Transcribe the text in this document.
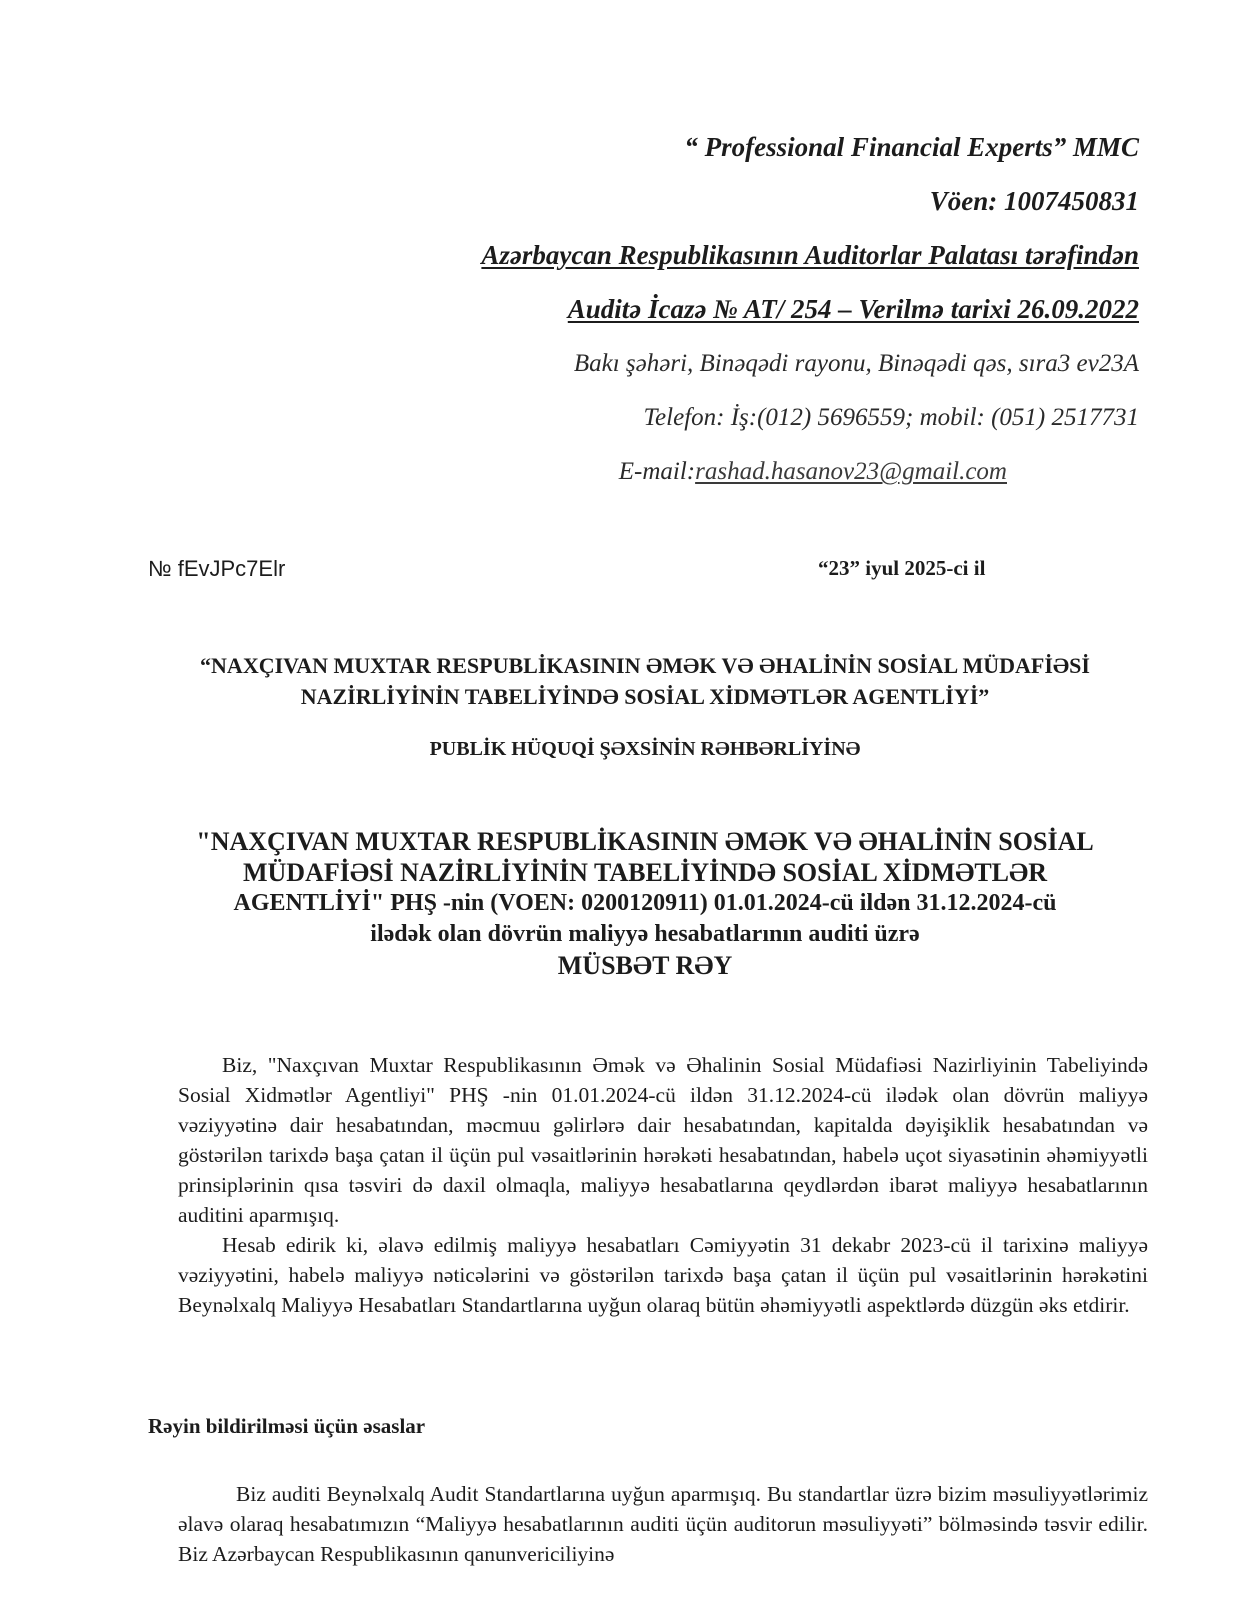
“ Professional Financial Experts” MMC
Vöen: 1007450831
Azərbaycan Respublikasının Auditorlar Palatası tərəfindən
Auditə İcazə № AT/ 254 – Verilmə tarixi 26.09.2022
Bakı şəhəri, Binəqədi rayonu, Binəqədi qəs, sıra3 ev23A
Telefon: İş:(012) 5696559; mobil: (051) 2517731
E-mail:rashad.hasanov23@gmail.com
№ fEvJPc7Elr	“23” iyul 2025-ci il
“NAXÇIVAN MUXTAR RESPUBLİKASININ ƏMƏK VƏ ƏHALİNİN SOSİAL MÜDAFİƏSİ
NAZİRLİYİNİN TABELİYİNDƏ SOSİAL XİDMƏTLƏR AGENTLİYİ”
PUBLİK HÜQUQİ ŞƏXSİNİN RƏHBƏRLİYİNƏ
"NAXÇIVAN MUXTAR RESPUBLİKASININ ƏMƏK VƏ ƏHALİNİN SOSİAL
MÜDAFİƏSİ NAZİRLİYİNİN TABELİYİNDƏ SOSİAL XİDMƏTLƏR
AGENTLİYİ" PHŞ -nin (VOEN: 0200120911) 01.01.2024-cü ildən 31.12.2024-cü
ilədək olan dövrün maliyyə hesabatlarının auditi üzrə
MÜSBƏT RƏY

Biz, "Naxçıvan Muxtar Respublikasının Əmək və Əhalinin Sosial Müdafiəsi Nazirliyinin Tabeliyində Sosial Xidmətlər Agentliyi" PHŞ -nin 01.01.2024-cü ildən 31.12.2024-cü ilədək olan dövrün maliyyə vəziyyətinə dair hesabatından, məcmuu gəlirlərə dair hesabatından, kapitalda dəyişiklik hesabatından və göstərilən tarixdə başa çatan il üçün pul vəsaitlərinin hərəkəti hesabatından, habelə uçot siyasətinin əhəmiyyətli prinsiplərinin qısa təsviri də daxil olmaqla, maliyyə hesabatlarına qeydlərdən ibarət maliyyə hesabatlarının auditini aparmışıq.

Hesab edirik ki, əlavə edilmiş maliyyə hesabatları Cəmiyyətin 31 dekabr 2023-cü il tarixinə maliyyə vəziyyətini, habelə maliyyə nəticələrini və göstərilən tarixdə başa çatan il üçün pul vəsaitlərinin hərəkətini Beynəlxalq Maliyyə Hesabatları Standartlarına uyğun olaraq bütün əhəmiyyətli aspektlərdə düzgün əks etdirir.

Rəyin bildirilməsi üçün əsaslar

Biz auditi Beynəlxalq Audit Standartlarına uyğun aparmışıq. Bu standartlar üzrə bizim məsuliyyətlərimiz əlavə olaraq hesabatımızın “Maliyyə hesabatlarının auditi üçün auditorun məsuliyyəti” bölməsində təsvir edilir. Biz Azərbaycan Respublikasının qanunvericiliyinə
